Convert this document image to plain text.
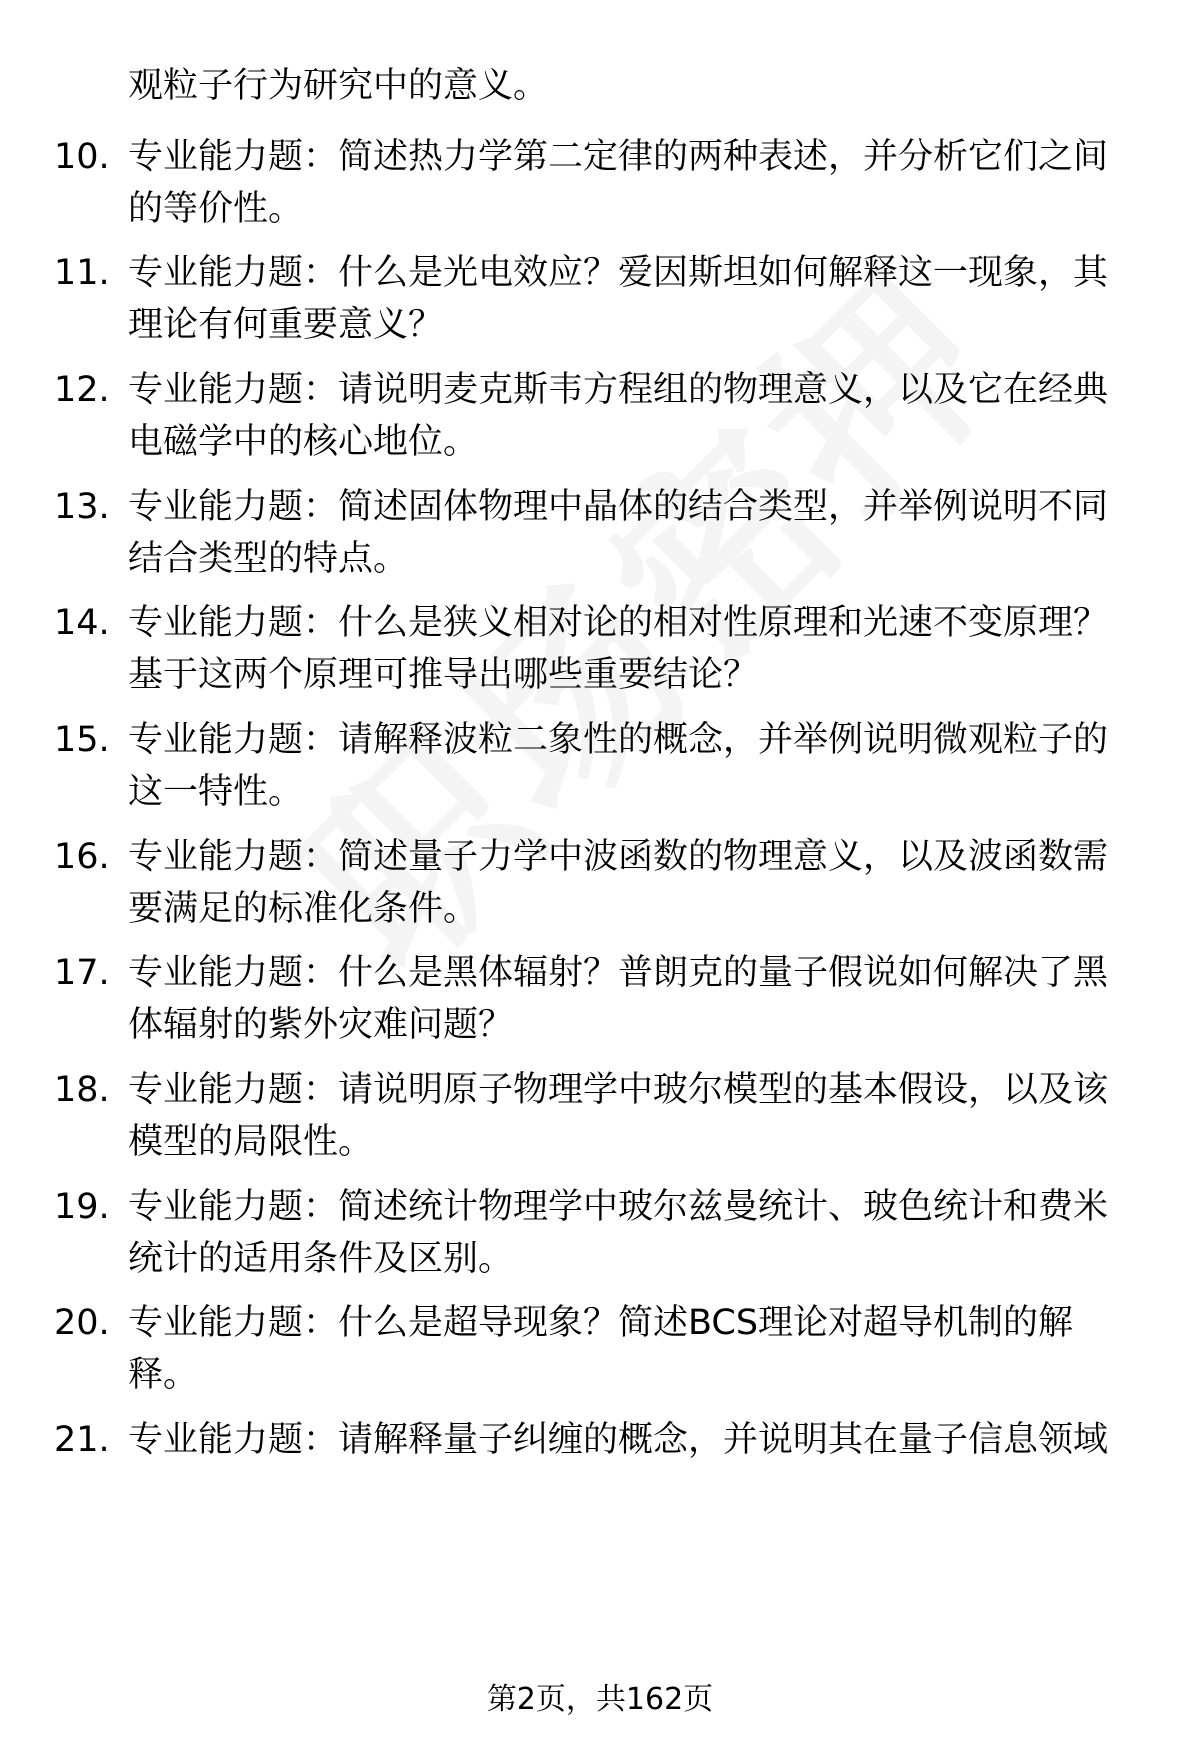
观粒子行为研究中的意义。
10. 专业能力题：简述热力学第二定律的两种表述，并分析它们之间的等价性。
11. 专业能力题：什么是光电效应？爱因斯坦如何解释这一现象，其理论有何重要意义？
12. 专业能力题：请说明麦克斯韦方程组的物理意义，以及它在经典电磁学中的核心地位。
13. 专业能力题：简述固体物理中晶体的结合类型，并举例说明不同结合类型的特点。
14. 专业能力题：什么是狭义相对论的相对性原理和光速不变原理？基于这两个原理可推导出哪些重要结论？
15. 专业能力题：请解释波粒二象性的概念，并举例说明微观粒子的这一特性。
16. 专业能力题：简述量子力学中波函数的物理意义，以及波函数需要满足的标准化条件。
17. 专业能力题：什么是黑体辐射？普朗克的量子假说如何解决了黑体辐射的紫外灾难问题？
18. 专业能力题：请说明原子物理学中玻尔模型的基本假设，以及该模型的局限性。
19. 专业能力题：简述统计物理学中玻尔兹曼统计、玻色统计和费米统计的适用条件及区别。
20. 专业能力题：什么是超导现象？简述BCS理论对超导机制的解释。
21. 专业能力题：请解释量子纠缠的概念，并说明其在量子信息领域
第2页，共162页
